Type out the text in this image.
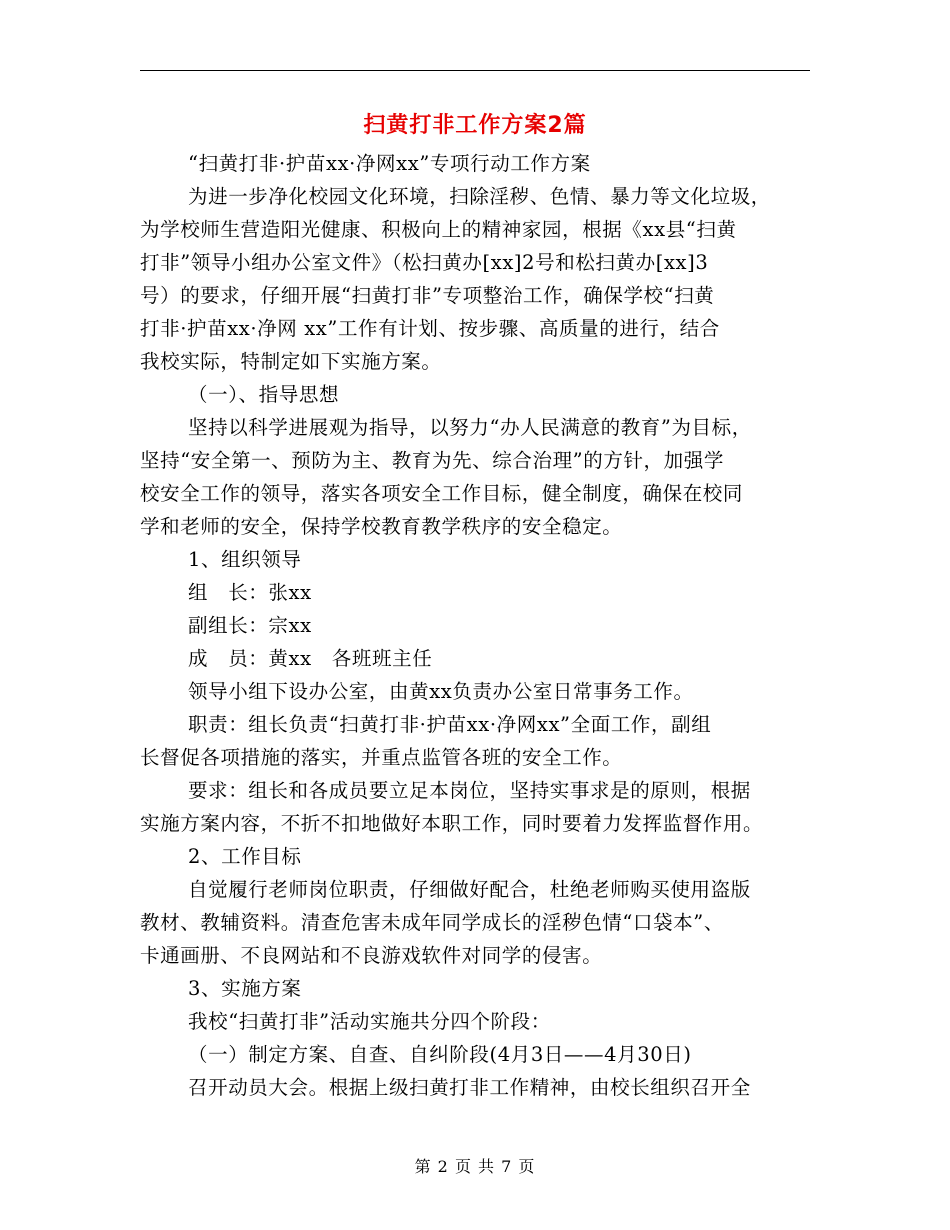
扫黄打非工作方案2篇
“扫黄打非·护苗xx·净网xx”专项行动工作方案
为进一步净化校园文化环境，扫除淫秽、色情、暴力等文化垃圾，
为学校师生营造阳光健康、积极向上的精神家园，根据《xx县“扫黄
打非”领导小组办公室文件》（松扫黄办[xx]2号和松扫黄办[xx]3
号）的要求，仔细开展“扫黄打非”专项整治工作，确保学校“扫黄
打非·护苗xx·净网 xx”工作有计划、按步骤、高质量的进行，结合
我校实际，特制定如下实施方案。
（一）、指导思想
坚持以科学进展观为指导，以努力“办人民满意的教育”为目标，
坚持“安全第一、预防为主、教育为先、综合治理”的方针，加强学
校安全工作的领导，落实各项安全工作目标，健全制度，确保在校同
学和老师的安全，保持学校教育教学秩序的安全稳定。
1、组织领导
组　长：张xx
副组长：宗xx
成　员：黄xx　各班班主任
领导小组下设办公室，由黄xx负责办公室日常事务工作。
职责：组长负责“扫黄打非·护苗xx·净网xx”全面工作，副组
长督促各项措施的落实，并重点监管各班的安全工作。
要求：组长和各成员要立足本岗位，坚持实事求是的原则，根据
实施方案内容，不折不扣地做好本职工作，同时要着力发挥监督作用。
2、工作目标
自觉履行老师岗位职责，仔细做好配合，杜绝老师购买使用盗版
教材、教辅资料。清查危害未成年同学成长的淫秽色情“口袋本”、
卡通画册、不良网站和不良游戏软件对同学的侵害。
3、实施方案
我校“扫黄打非”活动实施共分四个阶段：
（一）制定方案、自查、自纠阶段(4月3日——4月30日)
召开动员大会。根据上级扫黄打非工作精神，由校长组织召开全
第 2 页 共 7 页
